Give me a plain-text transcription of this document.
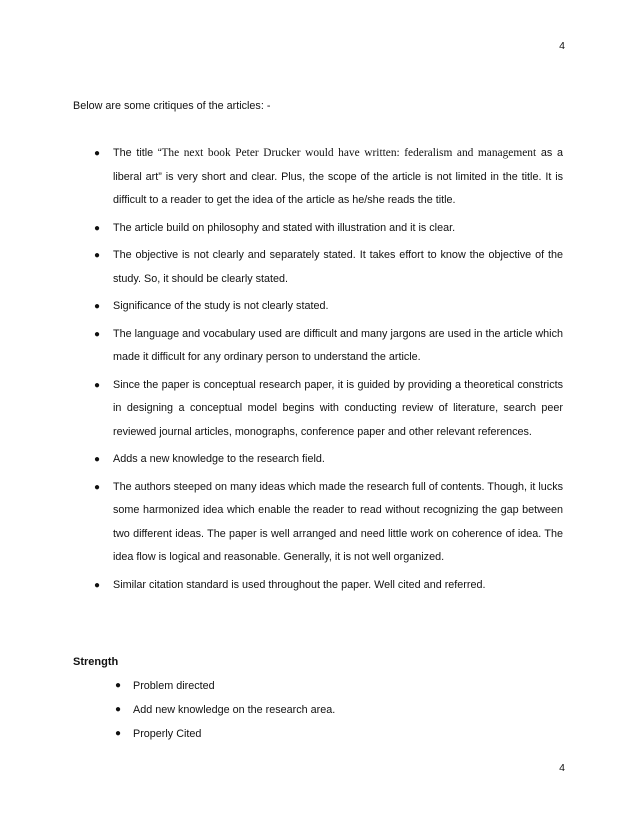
4
Below are some critiques of the articles: -
● The title “The next book Peter Drucker would have written: federalism and management as a liberal art” is very short and clear. Plus, the scope of the article is not limited in the title. It is difficult to a reader to get the idea of the article as he/she reads the title.
● The article build on philosophy and stated with illustration and it is clear.
● The objective is not clearly and separately stated. It takes effort to know the objective of the study. So, it should be clearly stated.
● Significance of the study is not clearly stated.
● The language and vocabulary used are difficult and many jargons are used in the article which made it difficult for any ordinary person to understand the article.
● Since the paper is conceptual research paper, it is guided by providing a theoretical constricts in designing a conceptual model begins with conducting review of literature, search peer reviewed journal articles, monographs, conference paper and other relevant references.
● Adds a new knowledge to the research field.
● The authors steeped on many ideas which made the research full of contents. Though, it lucks some harmonized idea which enable the reader to read without recognizing the gap between two different ideas. The paper is well arranged and need little work on coherence of idea. The idea flow is logical and reasonable. Generally, it is not well organized.
● Similar citation standard is used throughout the paper. Well cited and referred.
Strength
● Problem directed
● Add new knowledge on the research area.
● Properly Cited
4
